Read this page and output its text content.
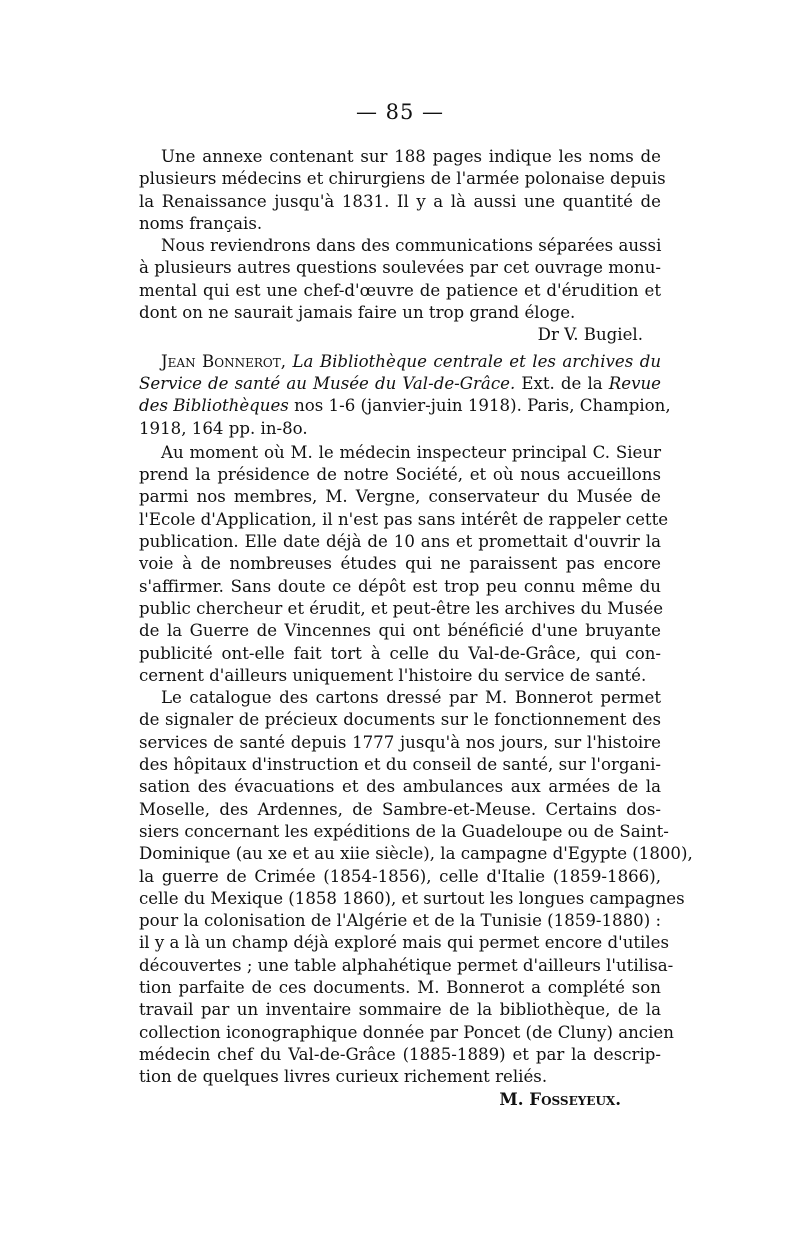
— 85 —
Une annexe contenant sur 188 pages indique les noms de
plusieurs médecins et chirurgiens de l'armée polonaise depuis
la Renaissance jusqu'à 1831. Il y a là aussi une quantité de
noms français.
Nous reviendrons dans des communications séparées aussi
à plusieurs autres questions soulevées par cet ouvrage monu-
mental qui est une chef-d'œuvre de patience et d'érudition et
dont on ne saurait jamais faire un trop grand éloge.
Dr V. Bugiel.
Jean Bonnerot, La Bibliothèque centrale et les archives du
Service de santé au Musée du Val-de-Grâce. Ext. de la Revue
des Bibliothèques nos 1-6 (janvier-juin 1918). Paris, Champion,
1918, 164 pp. in-8o.
Au moment où M. le médecin inspecteur principal C. Sieur
prend la présidence de notre Société, et où nous accueillons
parmi nos membres, M. Vergne, conservateur du Musée de
l'Ecole d'Application, il n'est pas sans intérêt de rappeler cette
publication. Elle date déjà de 10 ans et promettait d'ouvrir la
voie à de nombreuses études qui ne paraissent pas encore
s'affirmer. Sans doute ce dépôt est trop peu connu même du
public chercheur et érudit, et peut-être les archives du Musée
de la Guerre de Vincennes qui ont bénéficié d'une bruyante
publicité ont-elle fait tort à celle du Val-de-Grâce, qui con-
cernent d'ailleurs uniquement l'histoire du service de santé.
Le catalogue des cartons dressé par M. Bonnerot permet
de signaler de précieux documents sur le fonctionnement des
services de santé depuis 1777 jusqu'à nos jours, sur l'histoire
des hôpitaux d'instruction et du conseil de santé, sur l'organi-
sation des évacuations et des ambulances aux armées de la
Moselle, des Ardennes, de Sambre-et-Meuse. Certains dos-
siers concernant les expéditions de la Guadeloupe ou de Saint-
Dominique (au xe et au xiie siècle), la campagne d'Egypte (1800),
la guerre de Crimée (1854-1856), celle d'Italie (1859-1866),
celle du Mexique (1858 1860), et surtout les longues campagnes
pour la colonisation de l'Algérie et de la Tunisie (1859-1880) :
il y a là un champ déjà exploré mais qui permet encore d'utiles
découvertes ; une table alphahétique permet d'ailleurs l'utilisa-
tion parfaite de ces documents. M. Bonnerot a complété son
travail par un inventaire sommaire de la bibliothèque, de la
collection iconographique donnée par Poncet (de Cluny) ancien
médecin chef du Val-de-Grâce (1885-1889) et par la descrip-
tion de quelques livres curieux richement reliés.
M. Fosseyeux.
